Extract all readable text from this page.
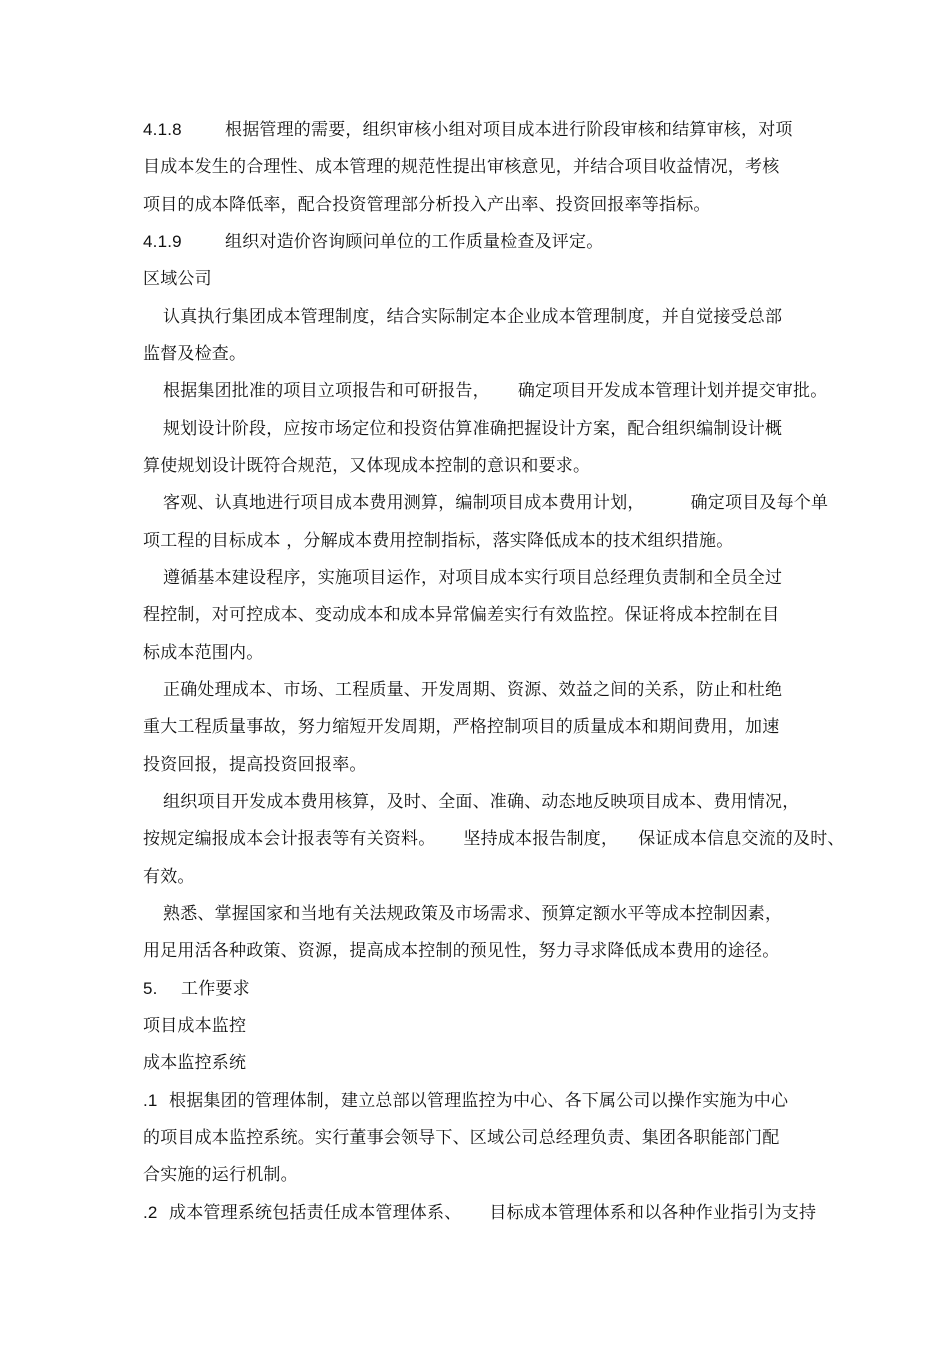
4.1.8	根据管理的需要，组织审核小组对项目成本进行阶段审核和结算审核，对项
目成本发生的合理性、成本管理的规范性提出审核意见，并结合项目收益情况，考核
项目的成本降低率，配合投资管理部分析投入产出率、投资回报率等指标。
4.1.9	组织对造价咨询顾问单位的工作质量检查及评定。
区域公司
认真执行集团成本管理制度，结合实际制定本企业成本管理制度，并自觉接受总部
监督及检查。
根据集团批准的项目立项报告和可研报告， 确定项目开发成本管理计划并提交审批。
规划设计阶段，应按市场定位和投资估算准确把握设计方案，配合组织编制设计概
算使规划设计既符合规范，又体现成本控制的意识和要求。
客观、认真地进行项目成本费用测算，编制项目成本费用计划，	确定项目及每个单
项工程的目标成本 ，分解成本费用控制指标，落实降低成本的技术组织措施。
遵循基本建设程序，实施项目运作，对项目成本实行项目总经理负责制和全员全过
程控制，对可控成本、变动成本和成本异常偏差实行有效监控。保证将成本控制在目
标成本范围内。
正确处理成本、市场、工程质量、开发周期、资源、效益之间的关系，防止和杜绝
重大工程质量事故，努力缩短开发周期，严格控制项目的质量成本和期间费用，加速
投资回报，提高投资回报率。
组织项目开发成本费用核算，及时、全面、准确、动态地反映项目成本、费用情况，
按规定编报成本会计报表等有关资料。 坚持成本报告制度， 保证成本信息交流的及时、
有效。
熟悉、掌握国家和当地有关法规政策及市场需求、预算定额水平等成本控制因素，
用足用活各种政策、资源，提高成本控制的预见性，努力寻求降低成本费用的途径。
5. 工作要求
项目成本监控
成本监控系统
.1 根据集团的管理体制，建立总部以管理监控为中心、各下属公司以操作实施为中心
的项目成本监控系统。实行董事会领导下、区域公司总经理负责、集团各职能部门配
合实施的运行机制。
.2 成本管理系统包括责任成本管理体系、 目标成本管理体系和以各种作业指引为支持
